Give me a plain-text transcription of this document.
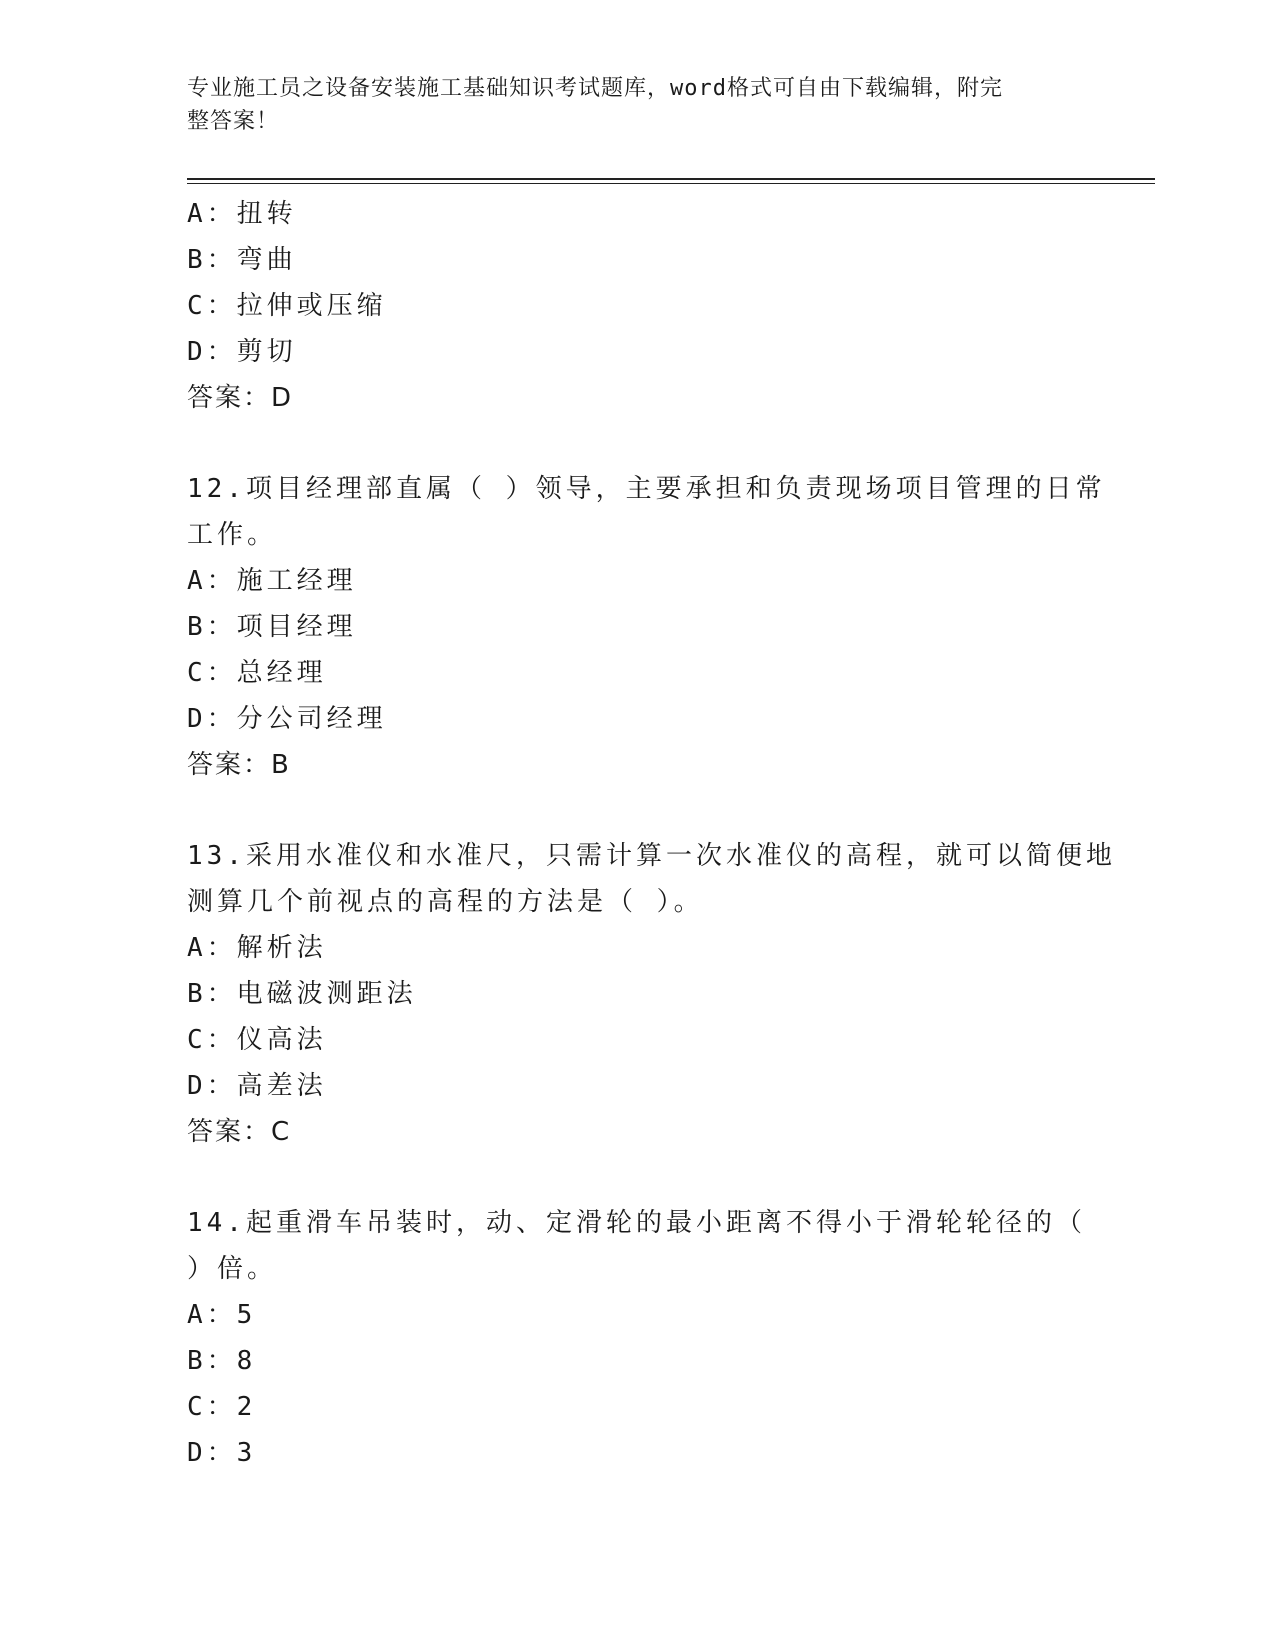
专业施工员之设备安装施工基础知识考试题库，word格式可自由下载编辑，附完
整答案！
A：扭转
B：弯曲
C：拉伸或压缩
D：剪切
答案：D
12.项目经理部直属（ ）领导，主要承担和负责现场项目管理的日常
工作。
A：施工经理
B：项目经理
C：总经理
D：分公司经理
答案：B
13.采用水准仪和水准尺，只需计算一次水准仪的高程，就可以简便地
测算几个前视点的高程的方法是（ ）。
A：解析法
B：电磁波测距法
C：仪高法
D：高差法
答案：C
14.起重滑车吊装时，动、定滑轮的最小距离不得小于滑轮轮径的（
）倍。
A：5
B：8
C：2
D：3
